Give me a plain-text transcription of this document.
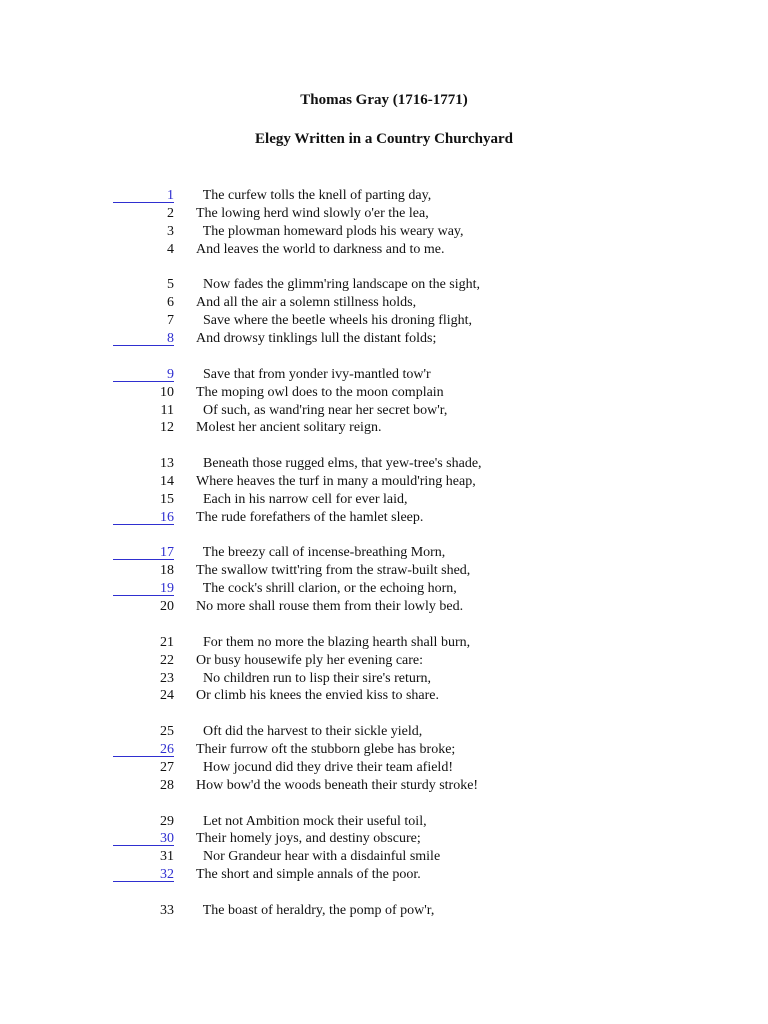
Thomas Gray (1716-1771)
Elegy Written in a Country Churchyard
1 The curfew tolls the knell of parting day,
2 The lowing herd wind slowly o'er the lea,
3 The plowman homeward plods his weary way,
4 And leaves the world to darkness and to me.
5 Now fades the glimm'ring landscape on the sight,
6 And all the air a solemn stillness holds,
7 Save where the beetle wheels his droning flight,
8 And drowsy tinklings lull the distant folds;
9 Save that from yonder ivy-mantled tow'r
10 The moping owl does to the moon complain
11 Of such, as wand'ring near her secret bow'r,
12 Molest her ancient solitary reign.
13 Beneath those rugged elms, that yew-tree's shade,
14 Where heaves the turf in many a mould'ring heap,
15 Each in his narrow cell for ever laid,
16 The rude forefathers of the hamlet sleep.
17 The breezy call of incense-breathing Morn,
18 The swallow twitt'ring from the straw-built shed,
19 The cock's shrill clarion, or the echoing horn,
20 No more shall rouse them from their lowly bed.
21 For them no more the blazing hearth shall burn,
22 Or busy housewife ply her evening care:
23 No children run to lisp their sire's return,
24 Or climb his knees the envied kiss to share.
25 Oft did the harvest to their sickle yield,
26 Their furrow oft the stubborn glebe has broke;
27 How jocund did they drive their team afield!
28 How bow'd the woods beneath their sturdy stroke!
29 Let not Ambition mock their useful toil,
30 Their homely joys, and destiny obscure;
31 Nor Grandeur hear with a disdainful smile
32 The short and simple annals of the poor.
33 The boast of heraldry, the pomp of pow'r,
